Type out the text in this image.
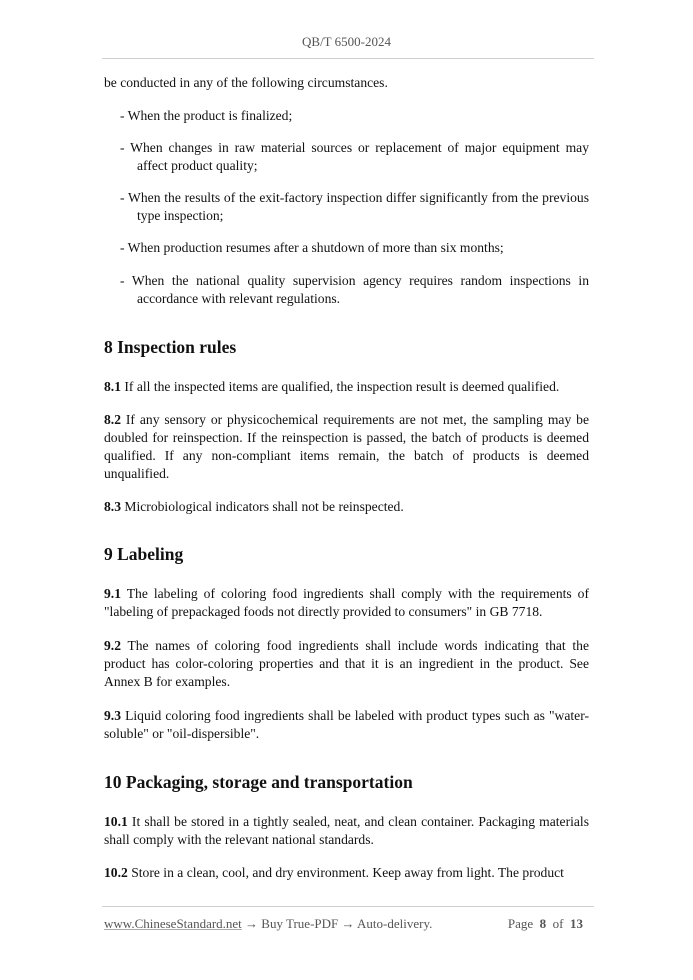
QB/T 6500-2024
be conducted in any of the following circumstances.
- When the product is finalized;
- When changes in raw material sources or replacement of major equipment may affect product quality;
- When the results of the exit-factory inspection differ significantly from the previous type inspection;
- When production resumes after a shutdown of more than six months;
- When the national quality supervision agency requires random inspections in accordance with relevant regulations.
8 Inspection rules
8.1 If all the inspected items are qualified, the inspection result is deemed qualified.
8.2 If any sensory or physicochemical requirements are not met, the sampling may be doubled for reinspection. If the reinspection is passed, the batch of products is deemed qualified. If any non-compliant items remain, the batch of products is deemed unqualified.
8.3 Microbiological indicators shall not be reinspected.
9 Labeling
9.1 The labeling of coloring food ingredients shall comply with the requirements of "labeling of prepackaged foods not directly provided to consumers" in GB 7718.
9.2 The names of coloring food ingredients shall include words indicating that the product has color-coloring properties and that it is an ingredient in the product. See Annex B for examples.
9.3 Liquid coloring food ingredients shall be labeled with product types such as "water-soluble" or "oil-dispersible".
10 Packaging, storage and transportation
10.1 It shall be stored in a tightly sealed, neat, and clean container. Packaging materials shall comply with the relevant national standards.
10.2 Store in a clean, cool, and dry environment. Keep away from light. The product
www.ChineseStandard.net → Buy True-PDF → Auto-delivery.	Page 8 of 13
